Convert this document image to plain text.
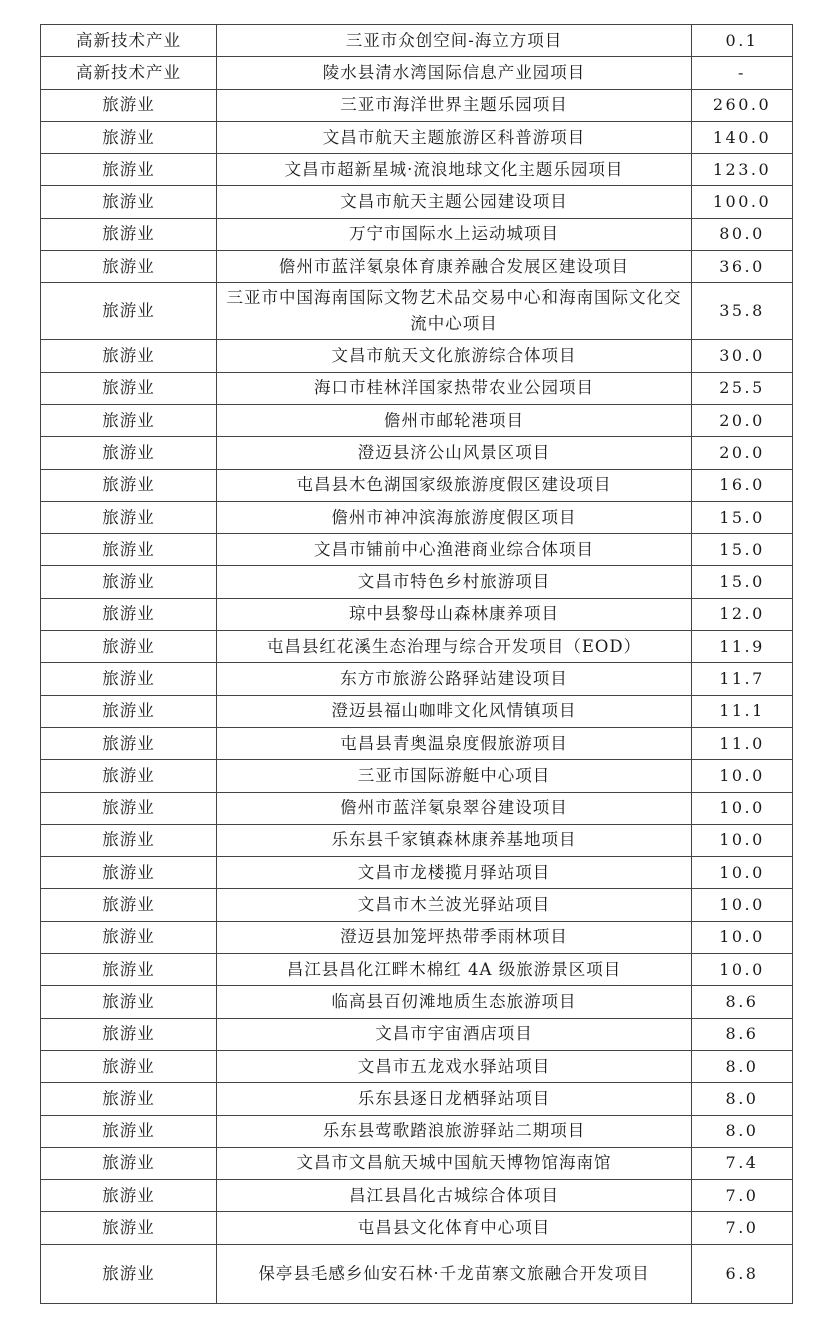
高新技术产业	三亚市众创空间-海立方项目	0.1
高新技术产业	陵水县清水湾国际信息产业园项目	-
旅游业	三亚市海洋世界主题乐园项目	260.0
旅游业	文昌市航天主题旅游区科普游项目	140.0
旅游业	文昌市超新星城·流浪地球文化主题乐园项目	123.0
旅游业	文昌市航天主题公园建设项目	100.0
旅游业	万宁市国际水上运动城项目	80.0
旅游业	儋州市蓝洋氡泉体育康养融合发展区建设项目	36.0
旅游业	三亚市中国海南国际文物艺术品交易中心和海南国际文化交流中心项目	35.8
旅游业	文昌市航天文化旅游综合体项目	30.0
旅游业	海口市桂林洋国家热带农业公园项目	25.5
旅游业	儋州市邮轮港项目	20.0
旅游业	澄迈县济公山风景区项目	20.0
旅游业	屯昌县木色湖国家级旅游度假区建设项目	16.0
旅游业	儋州市神冲滨海旅游度假区项目	15.0
旅游业	文昌市铺前中心渔港商业综合体项目	15.0
旅游业	文昌市特色乡村旅游项目	15.0
旅游业	琼中县黎母山森林康养项目	12.0
旅游业	屯昌县红花溪生态治理与综合开发项目（EOD）	11.9
旅游业	东方市旅游公路驿站建设项目	11.7
旅游业	澄迈县福山咖啡文化风情镇项目	11.1
旅游业	屯昌县青奥温泉度假旅游项目	11.0
旅游业	三亚市国际游艇中心项目	10.0
旅游业	儋州市蓝洋氡泉翠谷建设项目	10.0
旅游业	乐东县千家镇森林康养基地项目	10.0
旅游业	文昌市龙楼揽月驿站项目	10.0
旅游业	文昌市木兰波光驿站项目	10.0
旅游业	澄迈县加笼坪热带季雨林项目	10.0
旅游业	昌江县昌化江畔木棉红 4A 级旅游景区项目	10.0
旅游业	临高县百仞滩地质生态旅游项目	8.6
旅游业	文昌市宇宙酒店项目	8.6
旅游业	文昌市五龙戏水驿站项目	8.0
旅游业	乐东县逐日龙栖驿站项目	8.0
旅游业	乐东县莺歌踏浪旅游驿站二期项目	8.0
旅游业	文昌市文昌航天城中国航天博物馆海南馆	7.4
旅游业	昌江县昌化古城综合体项目	7.0
旅游业	屯昌县文化体育中心项目	7.0
旅游业	保亭县毛感乡仙安石林·千龙苗寨文旅融合开发项目	6.8
